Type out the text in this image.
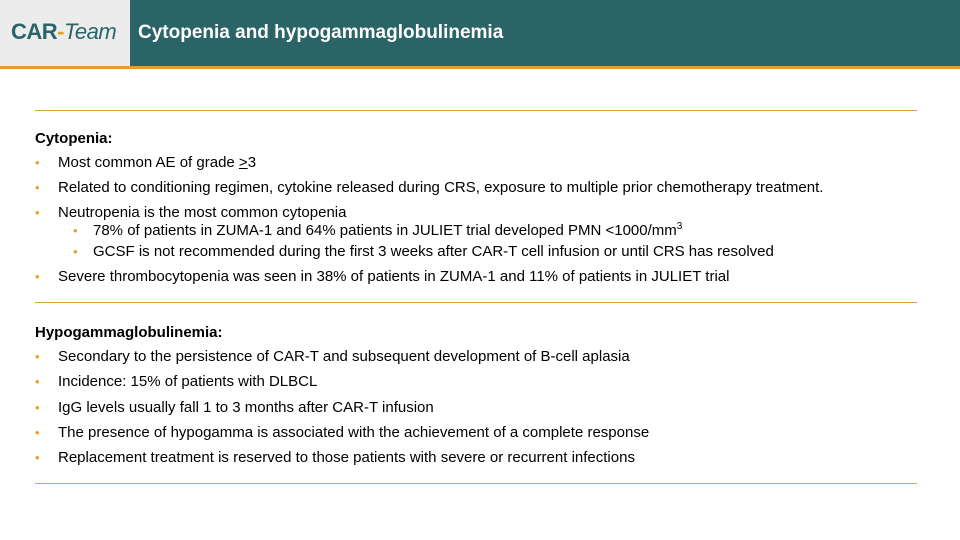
CAR-Team Cytopenia and hypogammaglobulinemia
Cytopenia:
• Most common AE of grade >3
• Related to conditioning regimen, cytokine released during CRS, exposure to multiple prior chemotherapy treatment.
• Neutropenia is the most common cytopenia
• 78% of patients in ZUMA-1 and 64% patients in JULIET trial developed PMN $<1000/mm^3$
• GCSF is not recommended during the first 3 weeks after CAR-T cell infusion or until CRS has resolved
• Severe thrombocytopenia was seen in 38% of patients in ZUMA-1 and 11% of patients in JULIET trial
Hypogammaglobulinemia:
• Secondary to the persistence of CAR-T and subsequent development of B-cell aplasia
• Incidence: 15% of patients with DLBCL
• IgG levels usually fall 1 to 3 months after CAR-T infusion
• The presence of hypogamma is associated with the achievement of a complete response
• Replacement treatment is reserved to those patients with severe or recurrent infections
